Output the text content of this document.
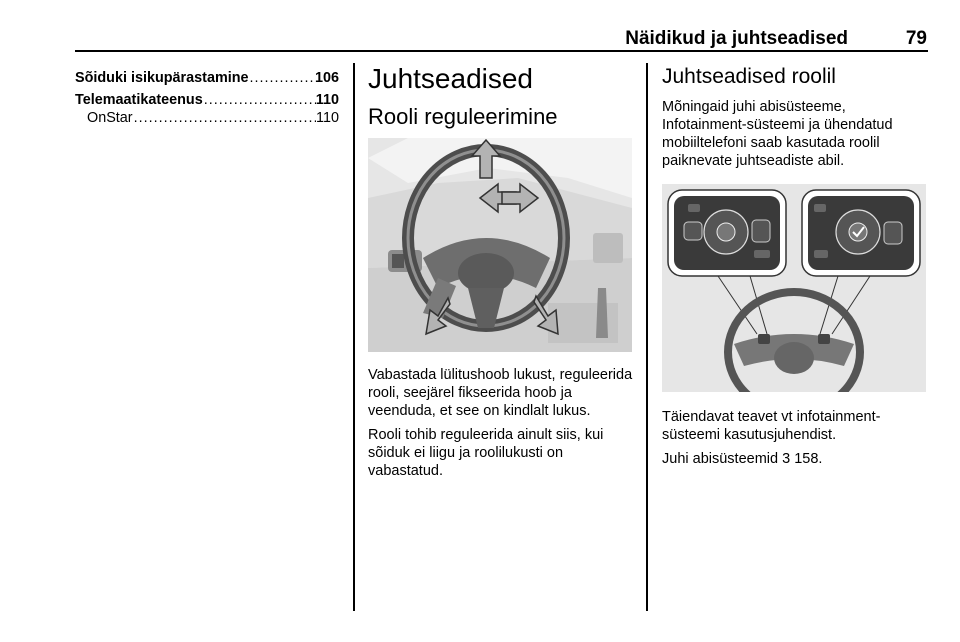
Näidikud ja juhtseadised	79
Sõiduki isikupärastamine .....	106
Telemaatikateenus .....	110
OnStar .....	110
Juhtseadised
Rooli reguleerimine

Vabastada lülitushoob lukust, reguleerida rooli, seejärel fikseerida hoob ja veenduda, et see on kindlalt lukus.

Rooli tohib reguleerida ainult siis, kui sõiduk ei liigu ja roolilukusti on vabastatud.

Juhtseadised roolil

Mõningaid juhi abisüsteeme, Infotainment-süsteemi ja ühendatud mobiiltelefoni saab kasutada roolil paiknevate juhtseadiste abil.

Täiendavat teavet vt infotainment-süsteemi kasutusjuhendist.

Juhi abisüsteemid 3 158.
